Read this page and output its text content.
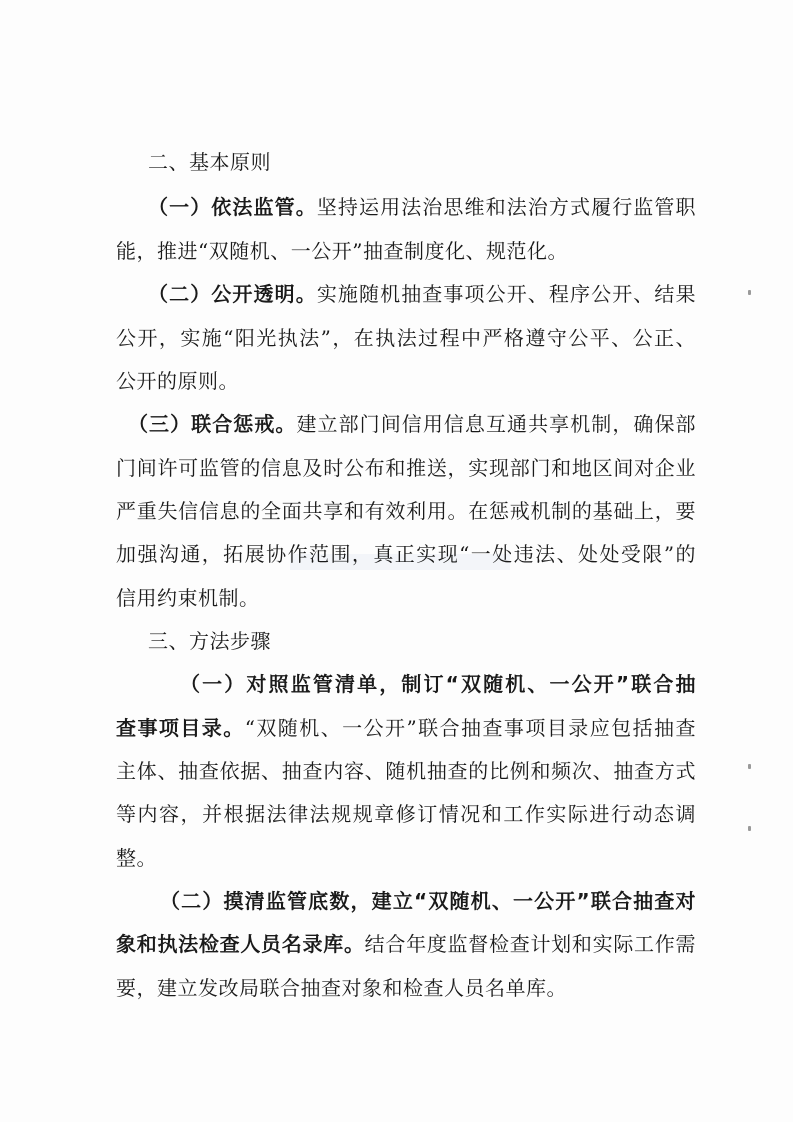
二、基本原则
（一）依法监管。坚持运用法治思维和法治方式履行监管职
能，推进“双随机、一公开”抽查制度化、规范化。
（二）公开透明。实施随机抽查事项公开、程序公开、结果
公开，实施“阳光执法”，在执法过程中严格遵守公平、公正、
公开的原则。
（三）联合惩戒。建立部门间信用信息互通共享机制，确保部
门间许可监管的信息及时公布和推送，实现部门和地区间对企业
严重失信信息的全面共享和有效利用。在惩戒机制的基础上，要
加强沟通，拓展协作范围，真正实现“一处违法、处处受限”的
信用约束机制。
三、方法步骤
（一）对照监管清单，制订“双随机、一公开”联合抽
查事项目录。“双随机、一公开”联合抽查事项目录应包括抽查
主体、抽查依据、抽查内容、随机抽查的比例和频次、抽查方式
等内容，并根据法律法规规章修订情况和工作实际进行动态调
整。
（二）摸清监管底数，建立“双随机、一公开”联合抽查对
象和执法检查人员名录库。结合年度监督检查计划和实际工作需
要，建立发改局联合抽查对象和检查人员名单库。
